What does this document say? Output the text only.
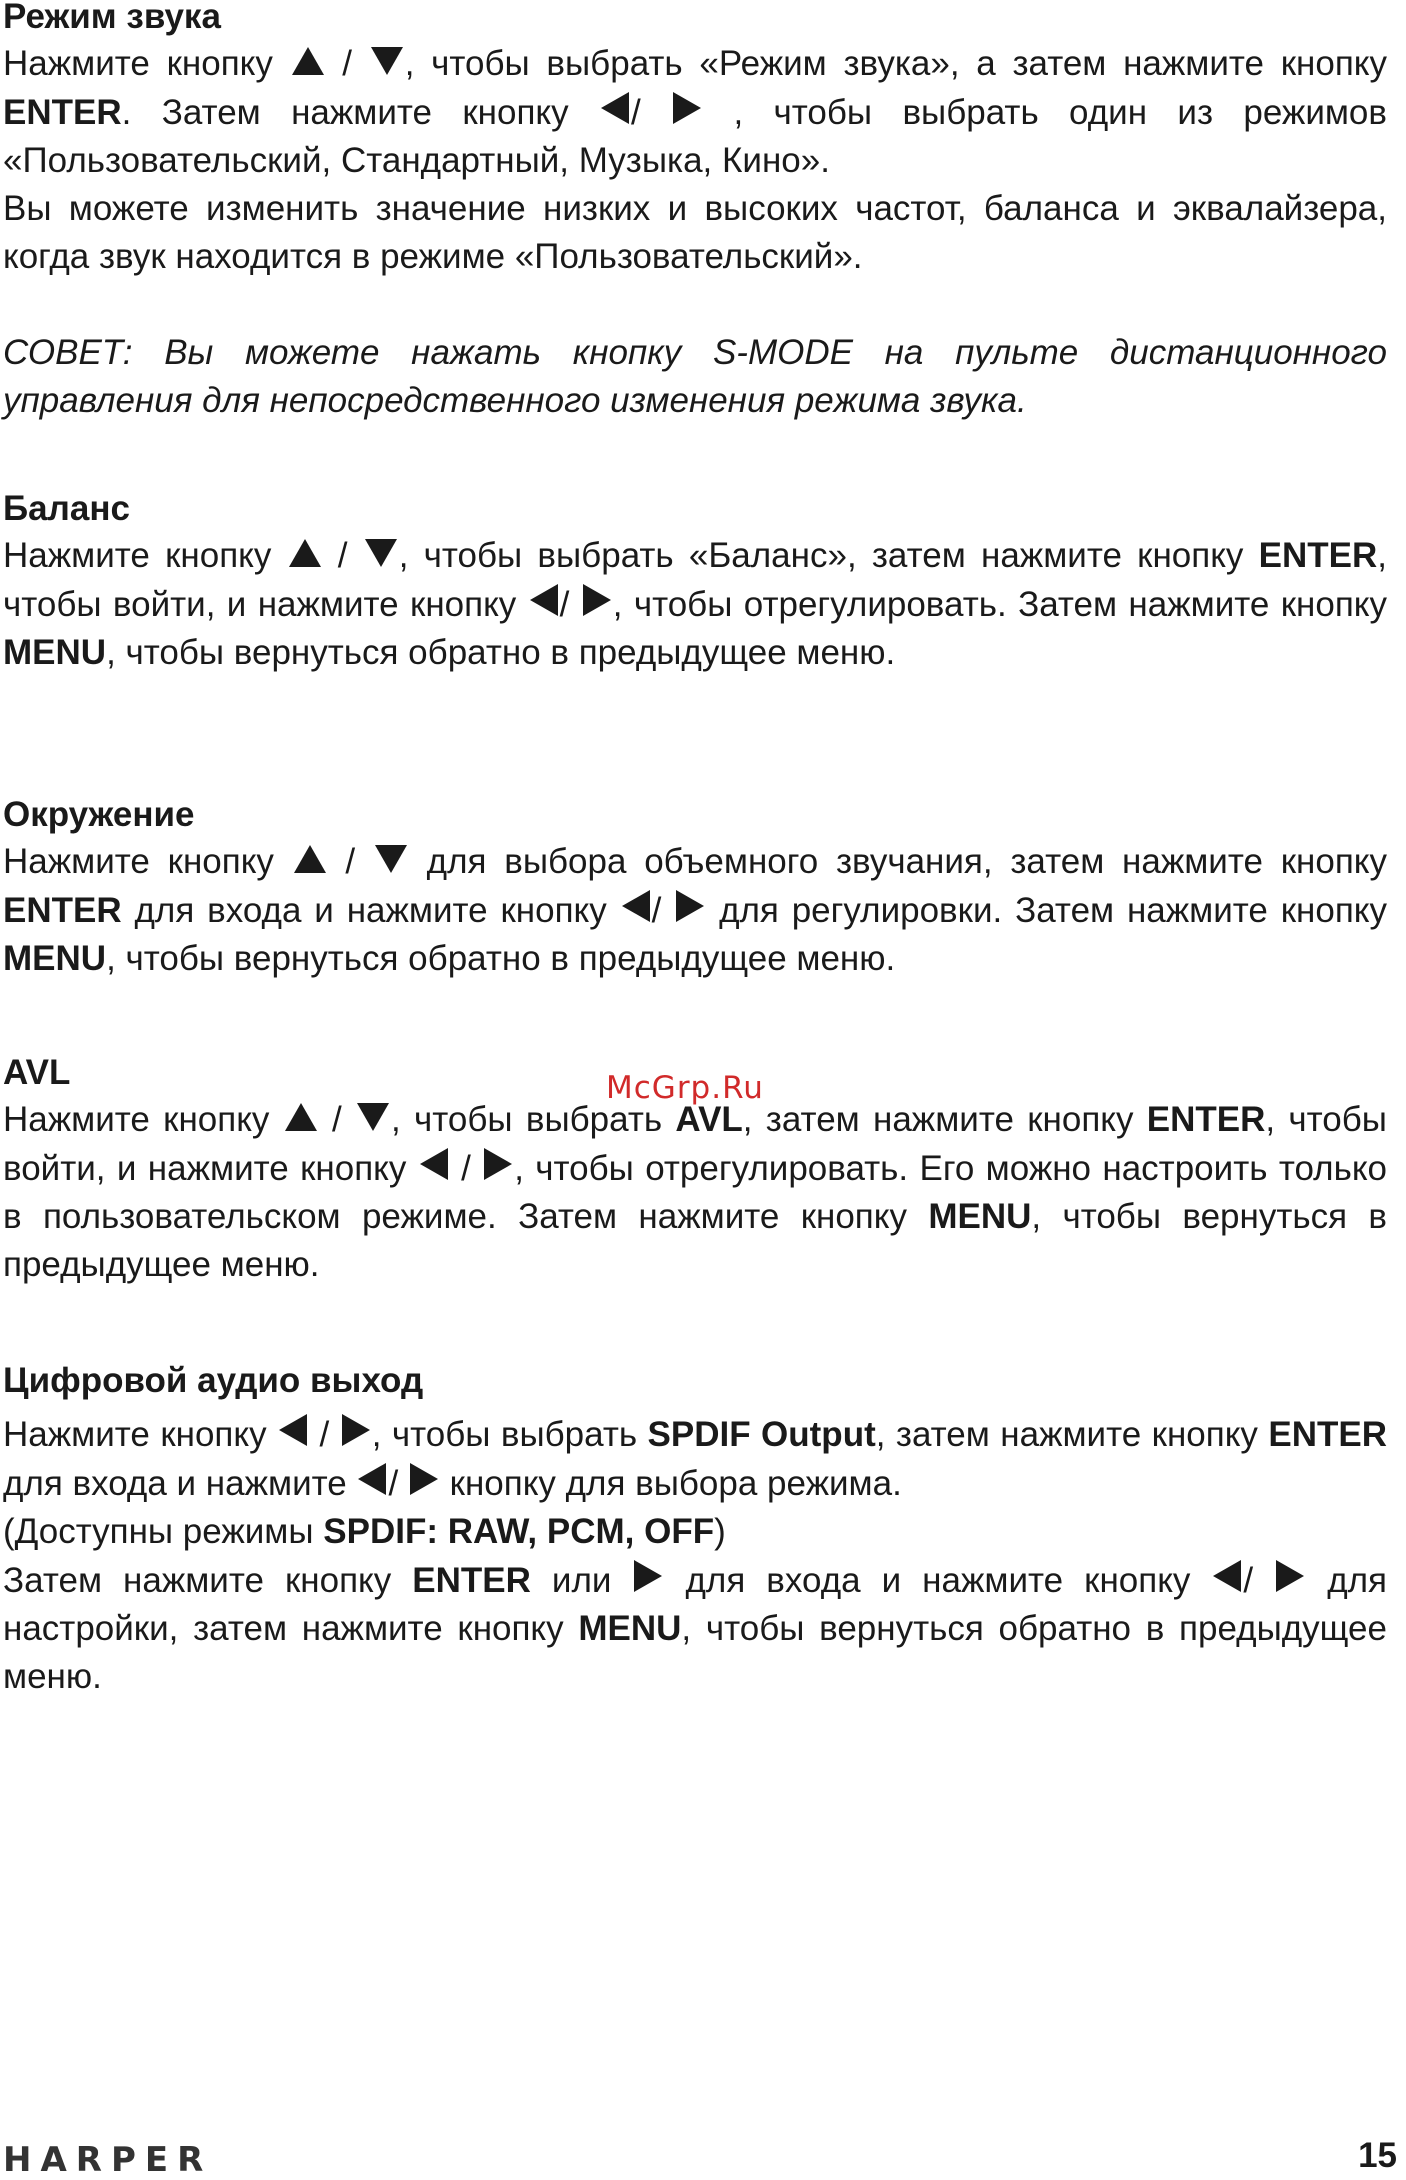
Режим звука

Нажмите кнопку
/
, чтобы выбрать «Режим звука», а затем нажмите кнопку ENTER. Затем нажмите кнопку
/
, чтобы выбрать один из режимов «Пользовательский, Стандартный, Музыка, Кино».

Вы можете изменить значение низких и высоких частот, баланса и эквалайзера, когда звук находится в режиме «Пользовательский».

СОВЕТ: Вы можете нажать кнопку S-MODE на пульте дистанционного управления для непосредственного изменения режима звука.

Баланс

Нажмите кнопку
/
, чтобы выбрать «Баланс», затем нажмите кнопку ENTER, чтобы войти, и нажмите кнопку
/
, чтобы отрегулировать. Затем нажмите кнопку MENU, чтобы вернуться обратно в предыдущее меню.

Окружение

Нажмите кнопку
/
для выбора объемного звучания, затем нажмите кнопку ENTER для входа и нажмите кнопку
/
для регулировки. Затем нажмите кнопку MENU, чтобы вернуться обратно в предыдущее меню.

AVL

Нажмите кнопку
/
, чтобы выбрать AVL, затем нажмите кнопку ENTER, чтобы войти, и нажмите кнопку
/
, чтобы отрегулировать. Его можно настроить только в пользовательском режиме. Затем нажмите кнопку MENU, чтобы вернуться в предыдущее меню.

Цифровой аудио выход

Нажмите кнопку
/
, чтобы выбрать SPDIF Output, затем нажмите кнопку ENTER для входа и нажмите
/
кнопку для выбора режима.

(Доступны режимы SPDIF: RAW, PCM, OFF)

Затем нажмите кнопку ENTER или
для входа и нажмите кнопку
/
для настройки, затем нажмите кнопку MENU, чтобы вернуться обратно в предыдущее меню.

McGrp.Ru
HARPER	15
